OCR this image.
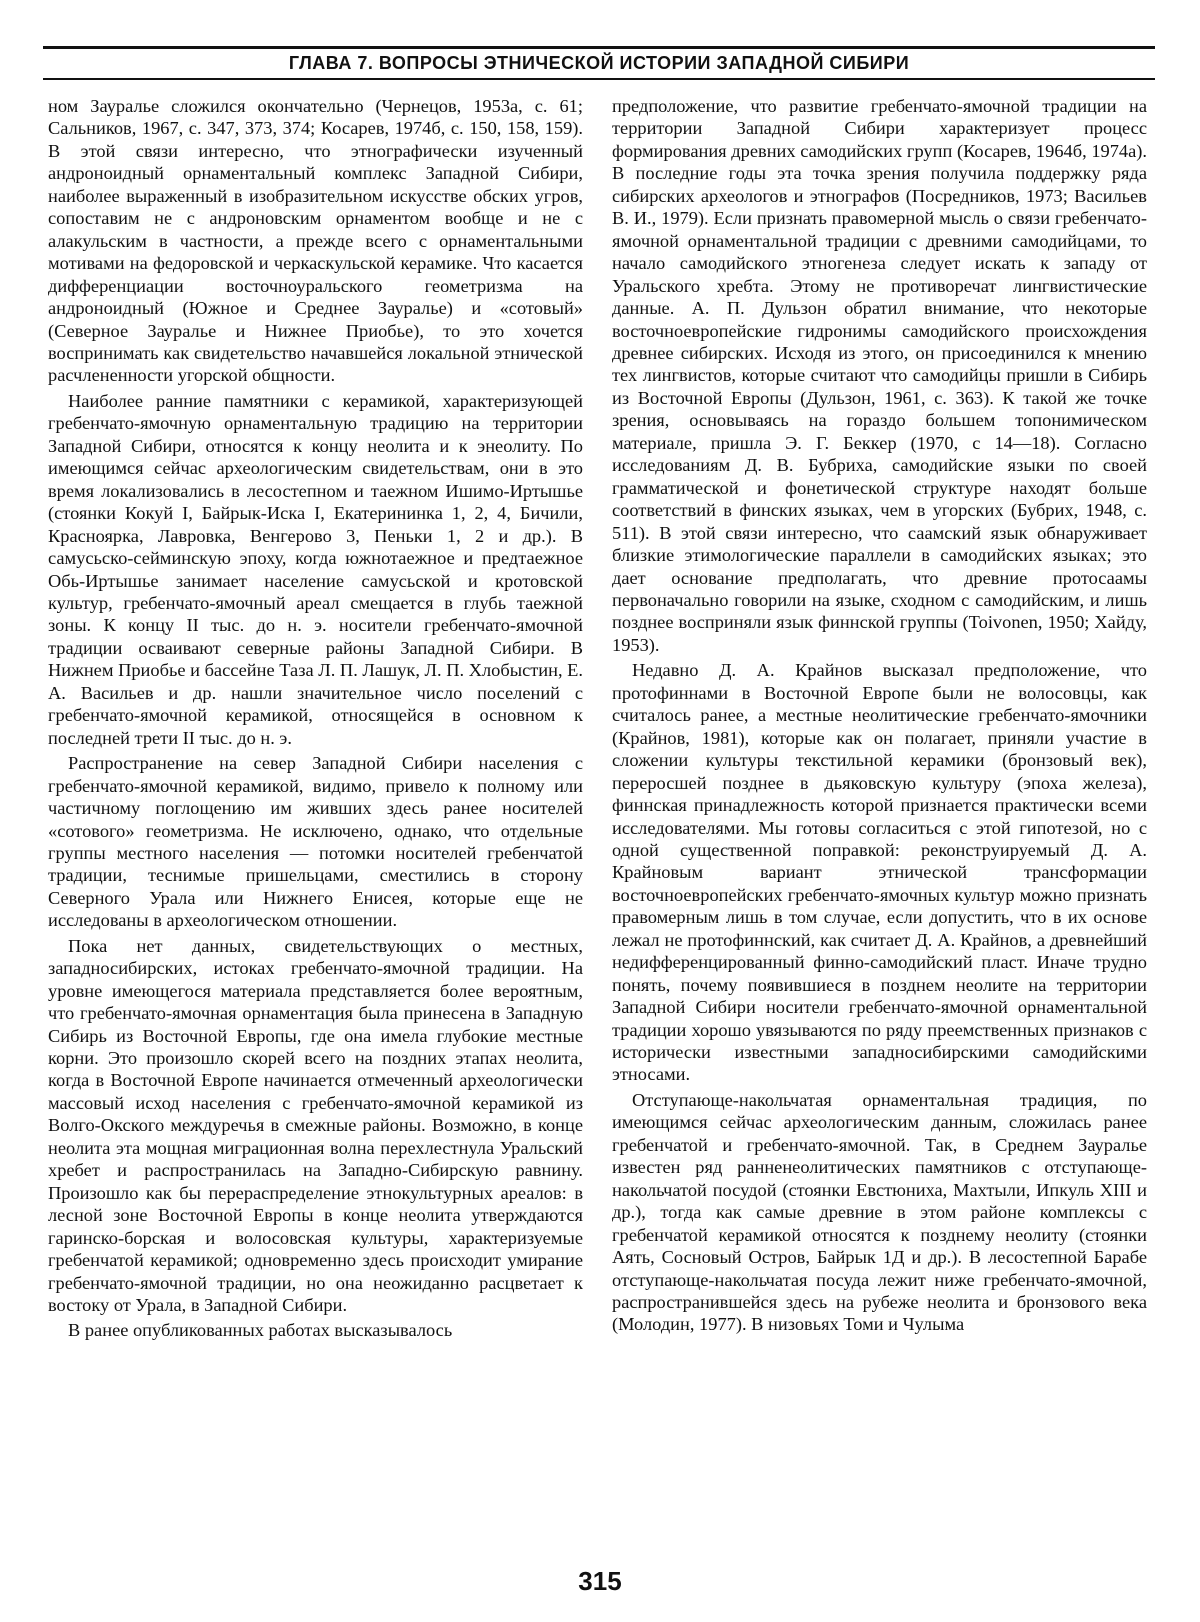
ГЛАВА 7. ВОПРОСЫ ЭТНИЧЕСКОЙ ИСТОРИИ ЗАПАДНОЙ СИБИРИ

ном Зауралье сложился окончательно (Чернецов, 1953а, с. 61; Сальников, 1967, с. 347, 373, 374; Косарев, 1974б, с. 150, 158, 159). В этой связи интересно, что этнографически изученный андроноидный орнаментальный комплекс Западной Сибири, наиболее выраженный в изобразительном искусстве обских угров, сопоставим не с андроновским орнаментом вообще и не с алакульским в частности, а прежде всего с орнаментальными мотивами на федоровской и черкаскульской керамике. Что касается дифференциации восточноуральского геометризма на андроноидный (Южное и Среднее Зауралье) и «сотовый» (Северное Зауралье и Нижнее Приобье), то это хочется воспринимать как свидетельство начавшейся локальной этнической расчлененности угорской общности.

Наиболее ранние памятники с керамикой, характеризующей гребенчато-ямочную орнаментальную традицию на территории Западной Сибири, относятся к концу неолита и к энеолиту. По имеющимся сейчас археологическим свидетельствам, они в это время локализовались в лесостепном и таежном Ишимо-Иртышье (стоянки Кокуй I, Байрык-Иска I, Екатерининка 1, 2, 4, Бичили, Красноярка, Лавровка, Венгерово 3, Пеньки 1, 2 и др.). В самусьско-сейминскую эпоху, когда южнотаежное и предтаежное Обь-Иртышье занимает население самусьской и кротовской культур, гребенчато-ямочный ареал смещается в глубь таежной зоны. К концу II тыс. до н. э. носители гребенчато-ямочной традиции осваивают северные районы Западной Сибири. В Нижнем Приобье и бассейне Таза Л. П. Лашук, Л. П. Хлобыстин, Е. А. Васильев и др. нашли значительное число поселений с гребенчато-ямочной керамикой, относящейся в основном к последней трети II тыс. до н. э.

Распространение на север Западной Сибири населения с гребенчато-ямочной керамикой, видимо, привело к полному или частичному поглощению им живших здесь ранее носителей «сотового» геометризма. Не исключено, однако, что отдельные группы местного населения — потомки носителей гребенчатой традиции, теснимые пришельцами, сместились в сторону Северного Урала или Нижнего Енисея, которые еще не исследованы в археологическом отношении.

Пока нет данных, свидетельствующих о местных, западносибирских, истоках гребенчато-ямочной традиции. На уровне имеющегося материала представляется более вероятным, что гребенчато-ямочная орнаментация была принесена в Западную Сибирь из Восточной Европы, где она имела глубокие местные корни. Это произошло скорей всего на поздних этапах неолита, когда в Восточной Европе начинается отмеченный археологически массовый исход населения с гребенчато-ямочной керамикой из Волго-Окского междуречья в смежные районы. Возможно, в конце неолита эта мощная миграционная волна перехлестнула Уральский хребет и распространилась на Западно-Сибирскую равнину. Произошло как бы перераспределение этнокультурных ареалов: в лесной зоне Восточной Европы в конце неолита утверждаются гаринско-борская и волосовская культуры, характеризуемые гребенчатой керамикой; одновременно здесь происходит умирание гребенчато-ямочной традиции, но она неожиданно расцветает к востоку от Урала, в Западной Сибири.

В ранее опубликованных работах высказывалось

предположение, что развитие гребенчато-ямочной традиции на территории Западной Сибири характеризует процесс формирования древних самодийских групп (Косарев, 1964б, 1974а). В последние годы эта точка зрения получила поддержку ряда сибирских археологов и этнографов (Посредников, 1973; Васильев В. И., 1979). Если признать правомерной мысль о связи гребенчато-ямочной орнаментальной традиции с древними самодийцами, то начало самодийского этногенеза следует искать к западу от Уральского хребта. Этому не противоречат лингвистические данные. А. П. Дульзон обратил внимание, что некоторые восточноевропейские гидронимы самодийского происхождения древнее сибирских. Исходя из этого, он присоединился к мнению тех лингвистов, которые считают что самодийцы пришли в Сибирь из Восточной Европы (Дульзон, 1961, с. 363). К такой же точке зрения, основываясь на гораздо большем топонимическом материале, пришла Э. Г. Беккер (1970, с 14—18). Согласно исследованиям Д. В. Бубриха, самодийские языки по своей грамматической и фонетической структуре находят больше соответствий в финских языках, чем в угорских (Бубрих, 1948, с. 511). В этой связи интересно, что саамский язык обнаруживает близкие этимологические параллели в самодийских языках; это дает основание предполагать, что древние протосаамы первоначально говорили на языке, сходном с самодийским, и лишь позднее восприняли язык финнской группы (Toivonen, 1950; Хайду, 1953).

Недавно Д. А. Крайнов высказал предположение, что протофиннами в Восточной Европе были не волосовцы, как считалось ранее, а местные неолитические гребенчато-ямочники (Крайнов, 1981), которые как он полагает, приняли участие в сложении культуры текстильной керамики (бронзовый век), переросшей позднее в дьяковскую культуру (эпоха железа), финнская принадлежность которой признается практически всеми исследователями. Мы готовы согласиться с этой гипотезой, но с одной существенной поправкой: реконструируемый Д. А. Крайновым вариант этнической трансформации восточноевропейских гребенчато-ямочных культур можно признать правомерным лишь в том случае, если допустить, что в их основе лежал не протофиннский, как считает Д. А. Крайнов, а древнейший недифференцированный финно-самодийский пласт. Иначе трудно понять, почему появившиеся в позднем неолите на территории Западной Сибири носители гребенчато-ямочной орнаментальной традиции хорошо увязываются по ряду преемственных признаков с исторически известными западносибирскими самодийскими этносами.

Отступающе-накольчатая орнаментальная традиция, по имеющимся сейчас археологическим данным, сложилась ранее гребенчатой и гребенчато-ямочной. Так, в Среднем Зауралье известен ряд ранненеолитических памятников с отступающе-накольчатой посудой (стоянки Евстюниха, Махтыли, Ипкуль XIII и др.), тогда как самые древние в этом районе комплексы с гребенчатой керамикой относятся к позднему неолиту (стоянки Аять, Сосновый Остров, Байрык 1Д и др.). В лесостепной Барабе отступающе-накольчатая посуда лежит ниже гребенчато-ямочной, распространившейся здесь на рубеже неолита и бронзового века (Молодин, 1977). В низовьях Томи и Чулыма

315
